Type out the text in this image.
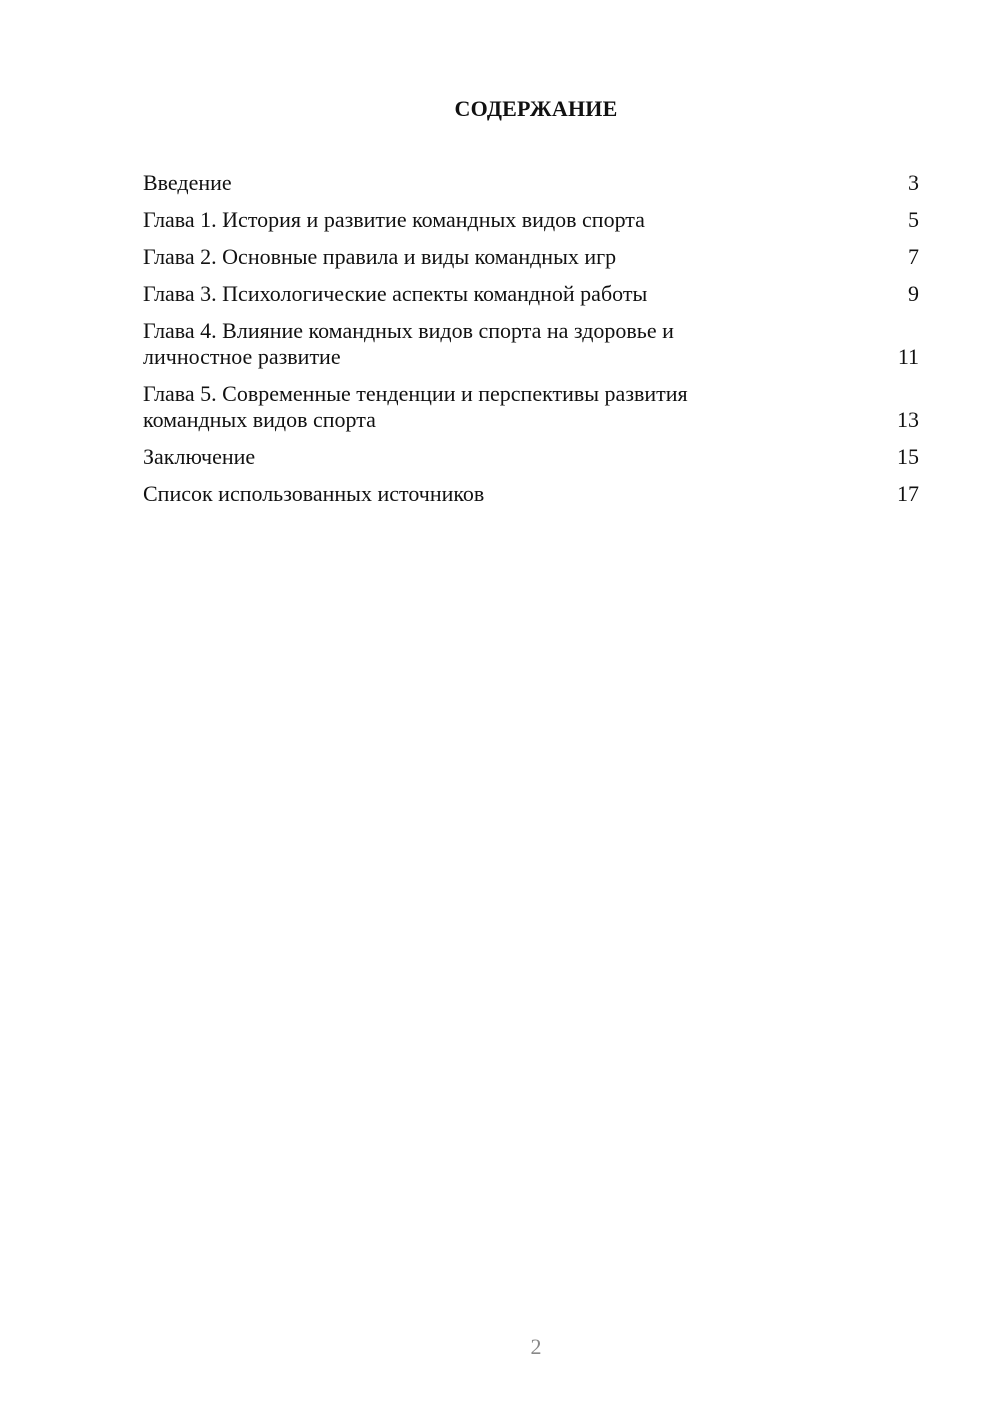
СОДЕРЖАНИЕ
Введение	3
Глава 1. История и развитие командных видов спорта	5
Глава 2. Основные правила и виды командных игр	7
Глава 3. Психологические аспекты командной работы	9
Глава 4. Влияние командных видов спорта на здоровье и личностное развитие	11
Глава 5. Современные тенденции и перспективы развития командных видов спорта	13
Заключение	15
Список использованных источников	17

2
